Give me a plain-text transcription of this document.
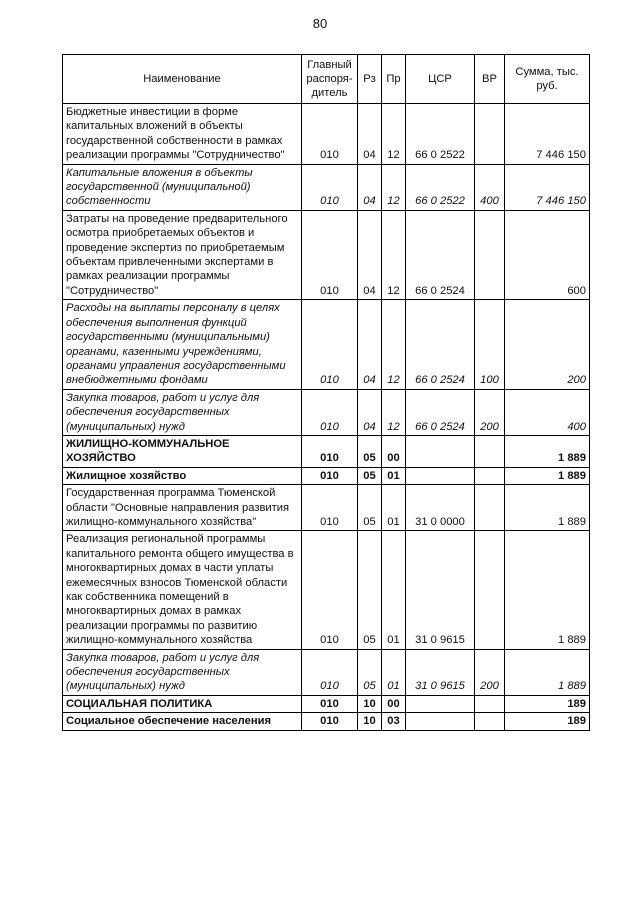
80
Наименование	Главный распоря-дитель	Рз	Пр	ЦСР	ВР	Сумма, тыс. руб.
Бюджетные инвестиции в форме капитальных вложений в объекты государственной собственности в рамках реализации программы "Сотрудничество"	010	04	12	66 0 2522		7 446 150
Капитальные вложения в объекты государственной (муниципальной) собственности	010	04	12	66 0 2522	400	7 446 150
Затраты на проведение предварительного осмотра приобретаемых объектов и проведение экспертиз по приобретаемым объектам привлеченными экспертами в рамках реализации программы "Сотрудничество"	010	04	12	66 0 2524		600
Расходы на выплаты персоналу в целях обеспечения выполнения функций государственными (муниципальными) органами, казенными учреждениями, органами управления государственными внебюджетными фондами	010	04	12	66 0 2524	100	200
Закупка товаров, работ и услуг для обеспечения государственных (муниципальных) нужд	010	04	12	66 0 2524	200	400
ЖИЛИЩНО-КОММУНАЛЬНОЕ ХОЗЯЙСТВО	010	05	00			1 889
Жилищное хозяйство	010	05	01			1 889
Государственная программа Тюменской области "Основные направления развития жилищно-коммунального хозяйства"	010	05	01	31 0 0000		1 889
Реализация региональной программы капитального ремонта общего имущества в многоквартирных домах в части уплаты ежемесячных взносов Тюменской области как собственника помещений в многоквартирных домах в рамках реализации программы по развитию жилищно-коммунального хозяйства	010	05	01	31 0 9615		1 889
Закупка товаров, работ и услуг для обеспечения государственных (муниципальных) нужд	010	05	01	31 0 9615	200	1 889
СОЦИАЛЬНАЯ ПОЛИТИКА	010	10	00			189
Социальное обеспечение населения	010	10	03			189
